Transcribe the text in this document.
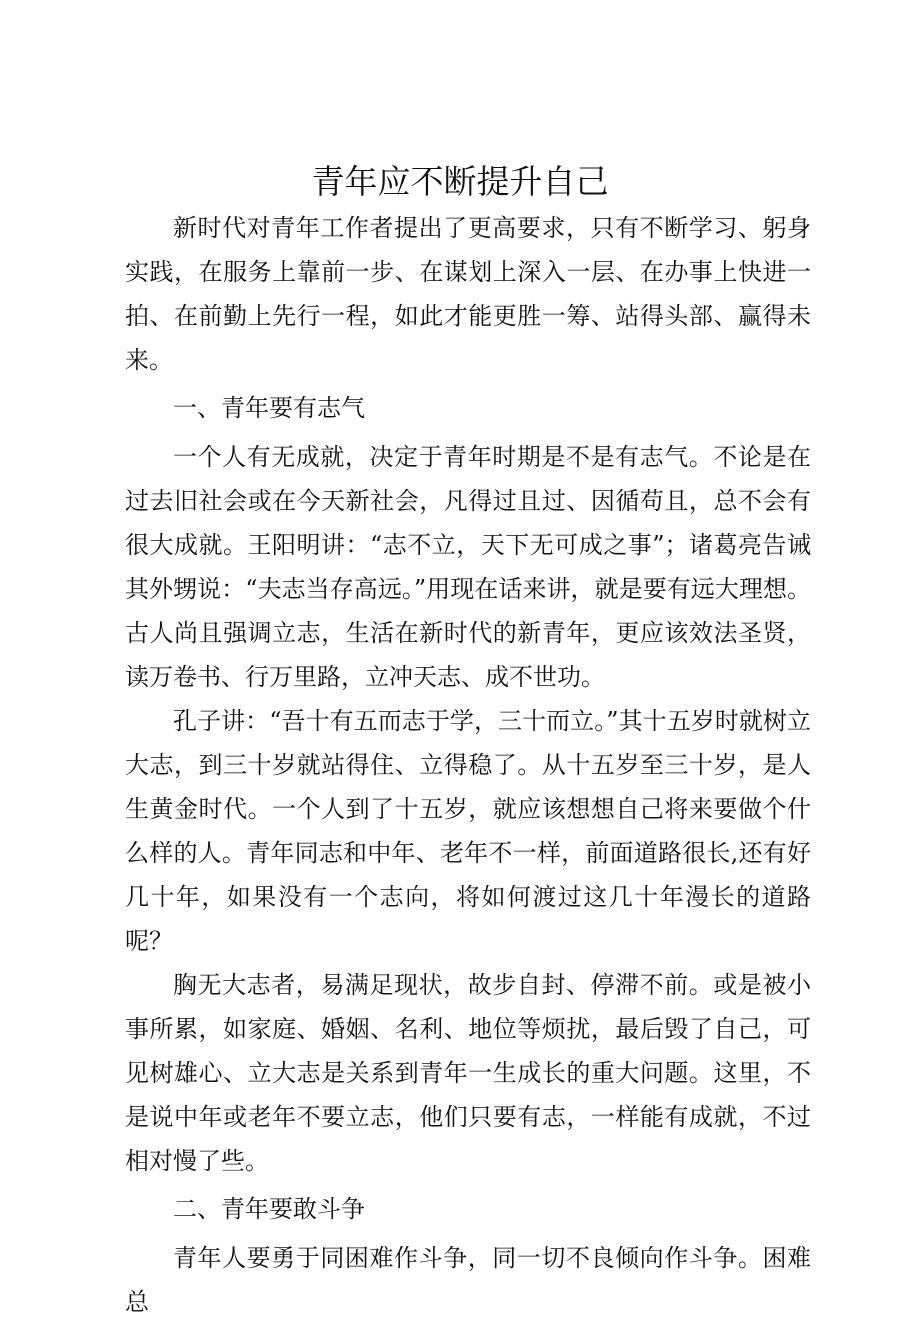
青年应不断提升自己

新时代对青年工作者提出了更高要求，只有不断学习、躬身实践，在服务上靠前一步、在谋划上深入一层、在办事上快进一拍、在前勤上先行一程，如此才能更胜一筹、站得头部、赢得未来。

一、青年要有志气

一个人有无成就，决定于青年时期是不是有志气。不论是在过去旧社会或在今天新社会，凡得过且过、因循苟且，总不会有很大成就。王阳明讲：“志不立，天下无可成之事”；诸葛亮告诫其外甥说：“夫志当存高远。”用现在话来讲，就是要有远大理想。古人尚且强调立志，生活在新时代的新青年，更应该效法圣贤，读万卷书、行万里路，立冲天志、成不世功。

孔子讲：“吾十有五而志于学，三十而立。”其十五岁时就树立大志，到三十岁就站得住、立得稳了。从十五岁至三十岁，是人生黄金时代。一个人到了十五岁，就应该想想自己将来要做个什么样的人。青年同志和中年、老年不一样，前面道路很长,还有好几十年，如果没有一个志向，将如何渡过这几十年漫长的道路呢？

胸无大志者，易满足现状，故步自封、停滞不前。或是被小事所累，如家庭、婚姻、名利、地位等烦扰，最后毁了自己，可见树雄心、立大志是关系到青年一生成长的重大问题。这里，不是说中年或老年不要立志，他们只要有志，一样能有成就，不过相对慢了些。

二、青年要敢斗争

青年人要勇于同困难作斗争，同一切不良倾向作斗争。困难总
